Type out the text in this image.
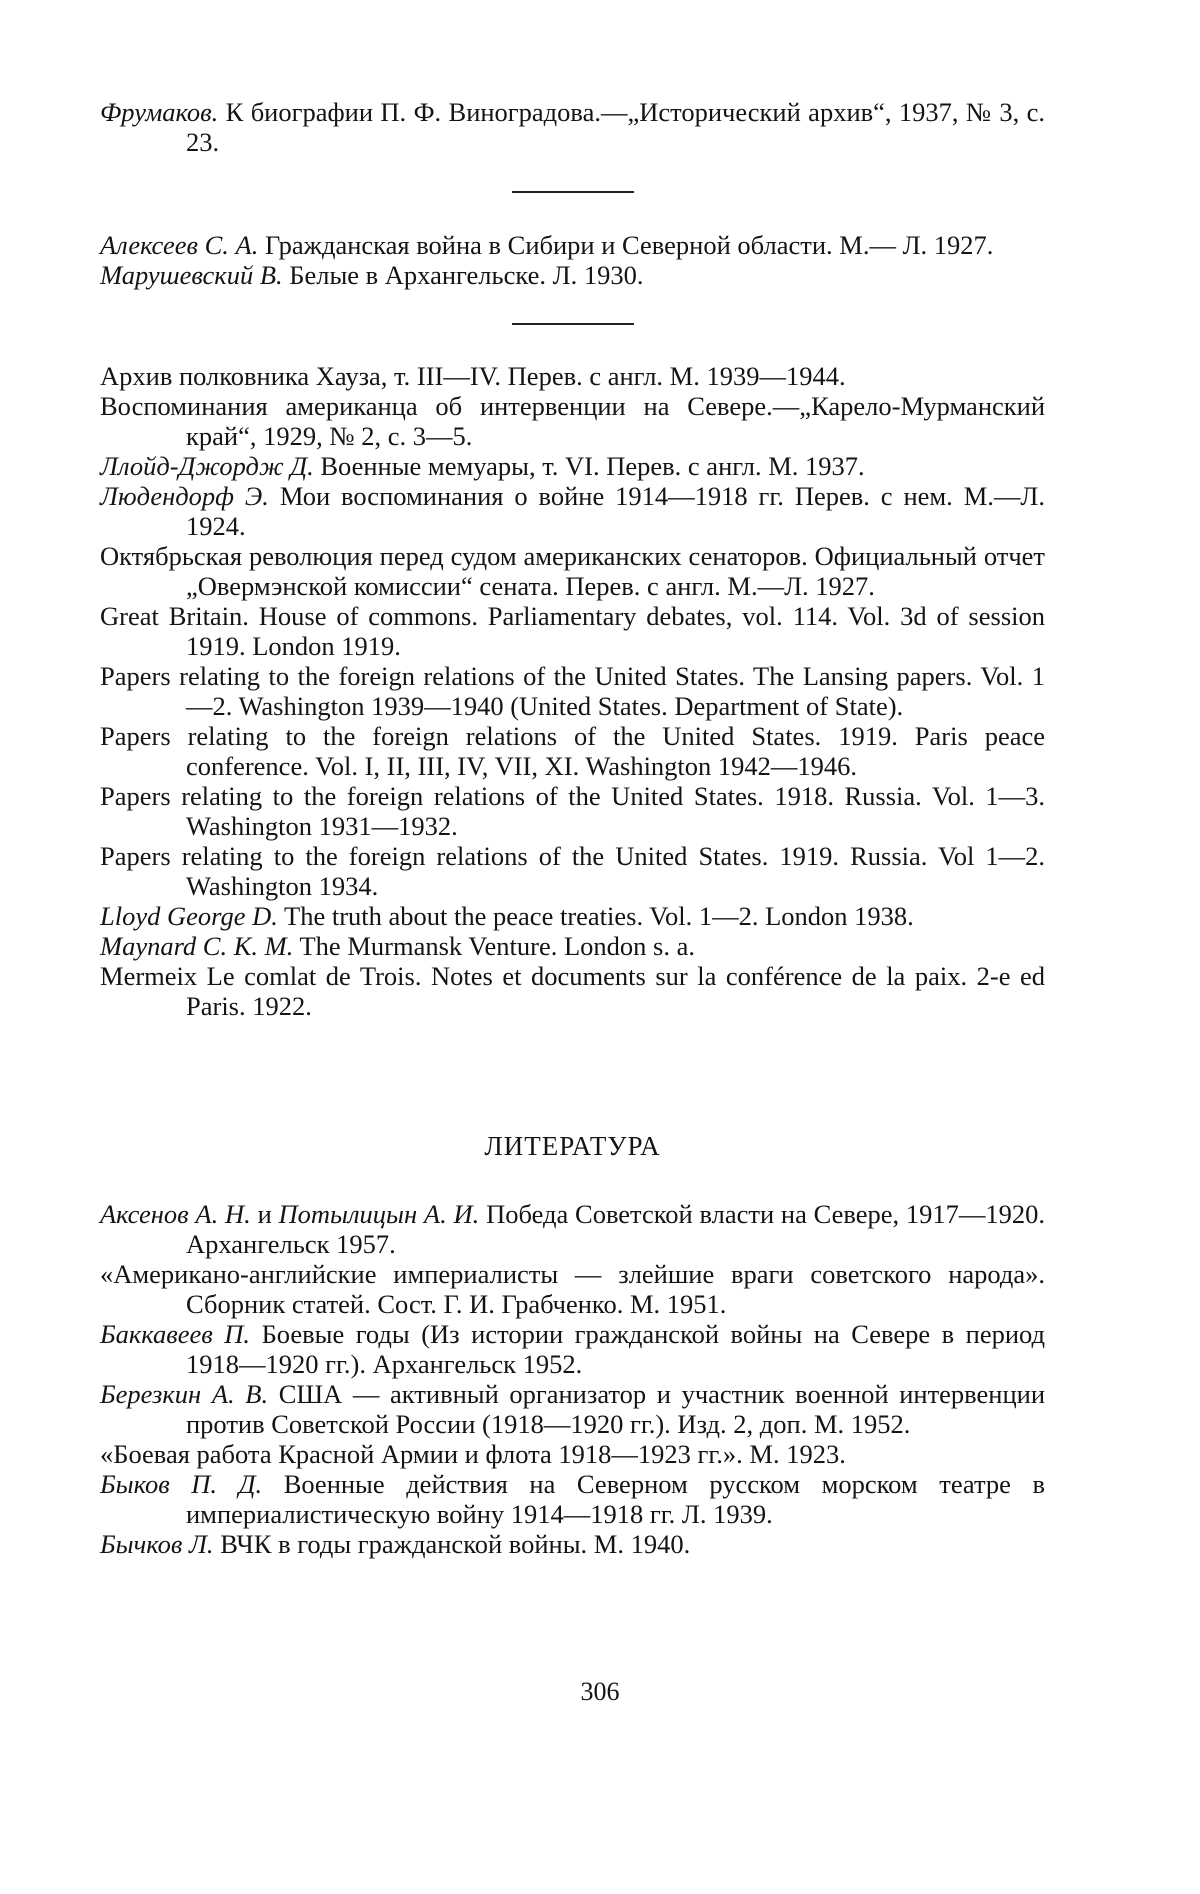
Фрумаков. К биографии П. Ф. Виноградова.—„Исторический архив“, 1937, № 3, с. 23.

Алексеев С. А. Гражданская война в Сибири и Северной области. М.— Л. 1927.

Марушевский В. Белые в Архангельске. Л. 1930.

Архив полковника Хауза, т. III—IV. Перев. с англ. М. 1939—1944.

Воспоминания американца об интервенции на Севере.—„Карело-Мурманский край“, 1929, № 2, с. 3—5.

Ллойд-Джордж Д. Военные мемуары, т. VI. Перев. с англ. М. 1937.

Людендорф Э. Мои воспоминания о войне 1914—1918 гг. Перев. с нем. М.—Л. 1924.

Октябрьская революция перед судом американских сенаторов. Официальный отчет „Овермэнской комиссии“ сената. Перев. с англ. М.—Л. 1927.

Great Britain. House of commons. Parliamentary debates, vol. 114. Vol. 3d of session 1919. London 1919.

Papers relating to the foreign relations of the United States. The Lansing papers. Vol. 1—2. Washington 1939—1940 (United States. Department of State).

Papers relating to the foreign relations of the United States. 1919. Paris peace conference. Vol. I, II, III, IV, VII, XI. Washington 1942—1946.

Papers relating to the foreign relations of the United States. 1918. Russia. Vol. 1—3. Washington 1931—1932.

Papers relating to the foreign relations of the United States. 1919. Russia. Vol 1—2. Washington 1934.

Lloyd George D. The truth about the peace treaties. Vol. 1—2. London 1938.

Maynard C. K. M. The Murmansk Venture. London s. a.

Mermeix Le comlat de Trois. Notes et documents sur la conférence de la paix. 2-e ed Paris. 1922.

ЛИТЕРАТУРА

Аксенов А. Н. и Потылицын А. И. Победа Советской власти на Севере, 1917—1920. Архангельск 1957.

«Американо-английские империалисты — злейшие враги советского народа». Сборник статей. Сост. Г. И. Грабченко. М. 1951.

Баккавеев П. Боевые годы (Из истории гражданской войны на Севере в период 1918—1920 гг.). Архангельск 1952.

Березкин А. В. США — активный организатор и участник военной интервенции против Советской России (1918—1920 гг.). Изд. 2, доп. М. 1952.

«Боевая работа Красной Армии и флота 1918—1923 гг.». М. 1923.

Быков П. Д. Военные действия на Северном русском морском театре в империалистическую войну 1914—1918 гг. Л. 1939.

Бычков Л. ВЧК в годы гражданской войны. М. 1940.

306
